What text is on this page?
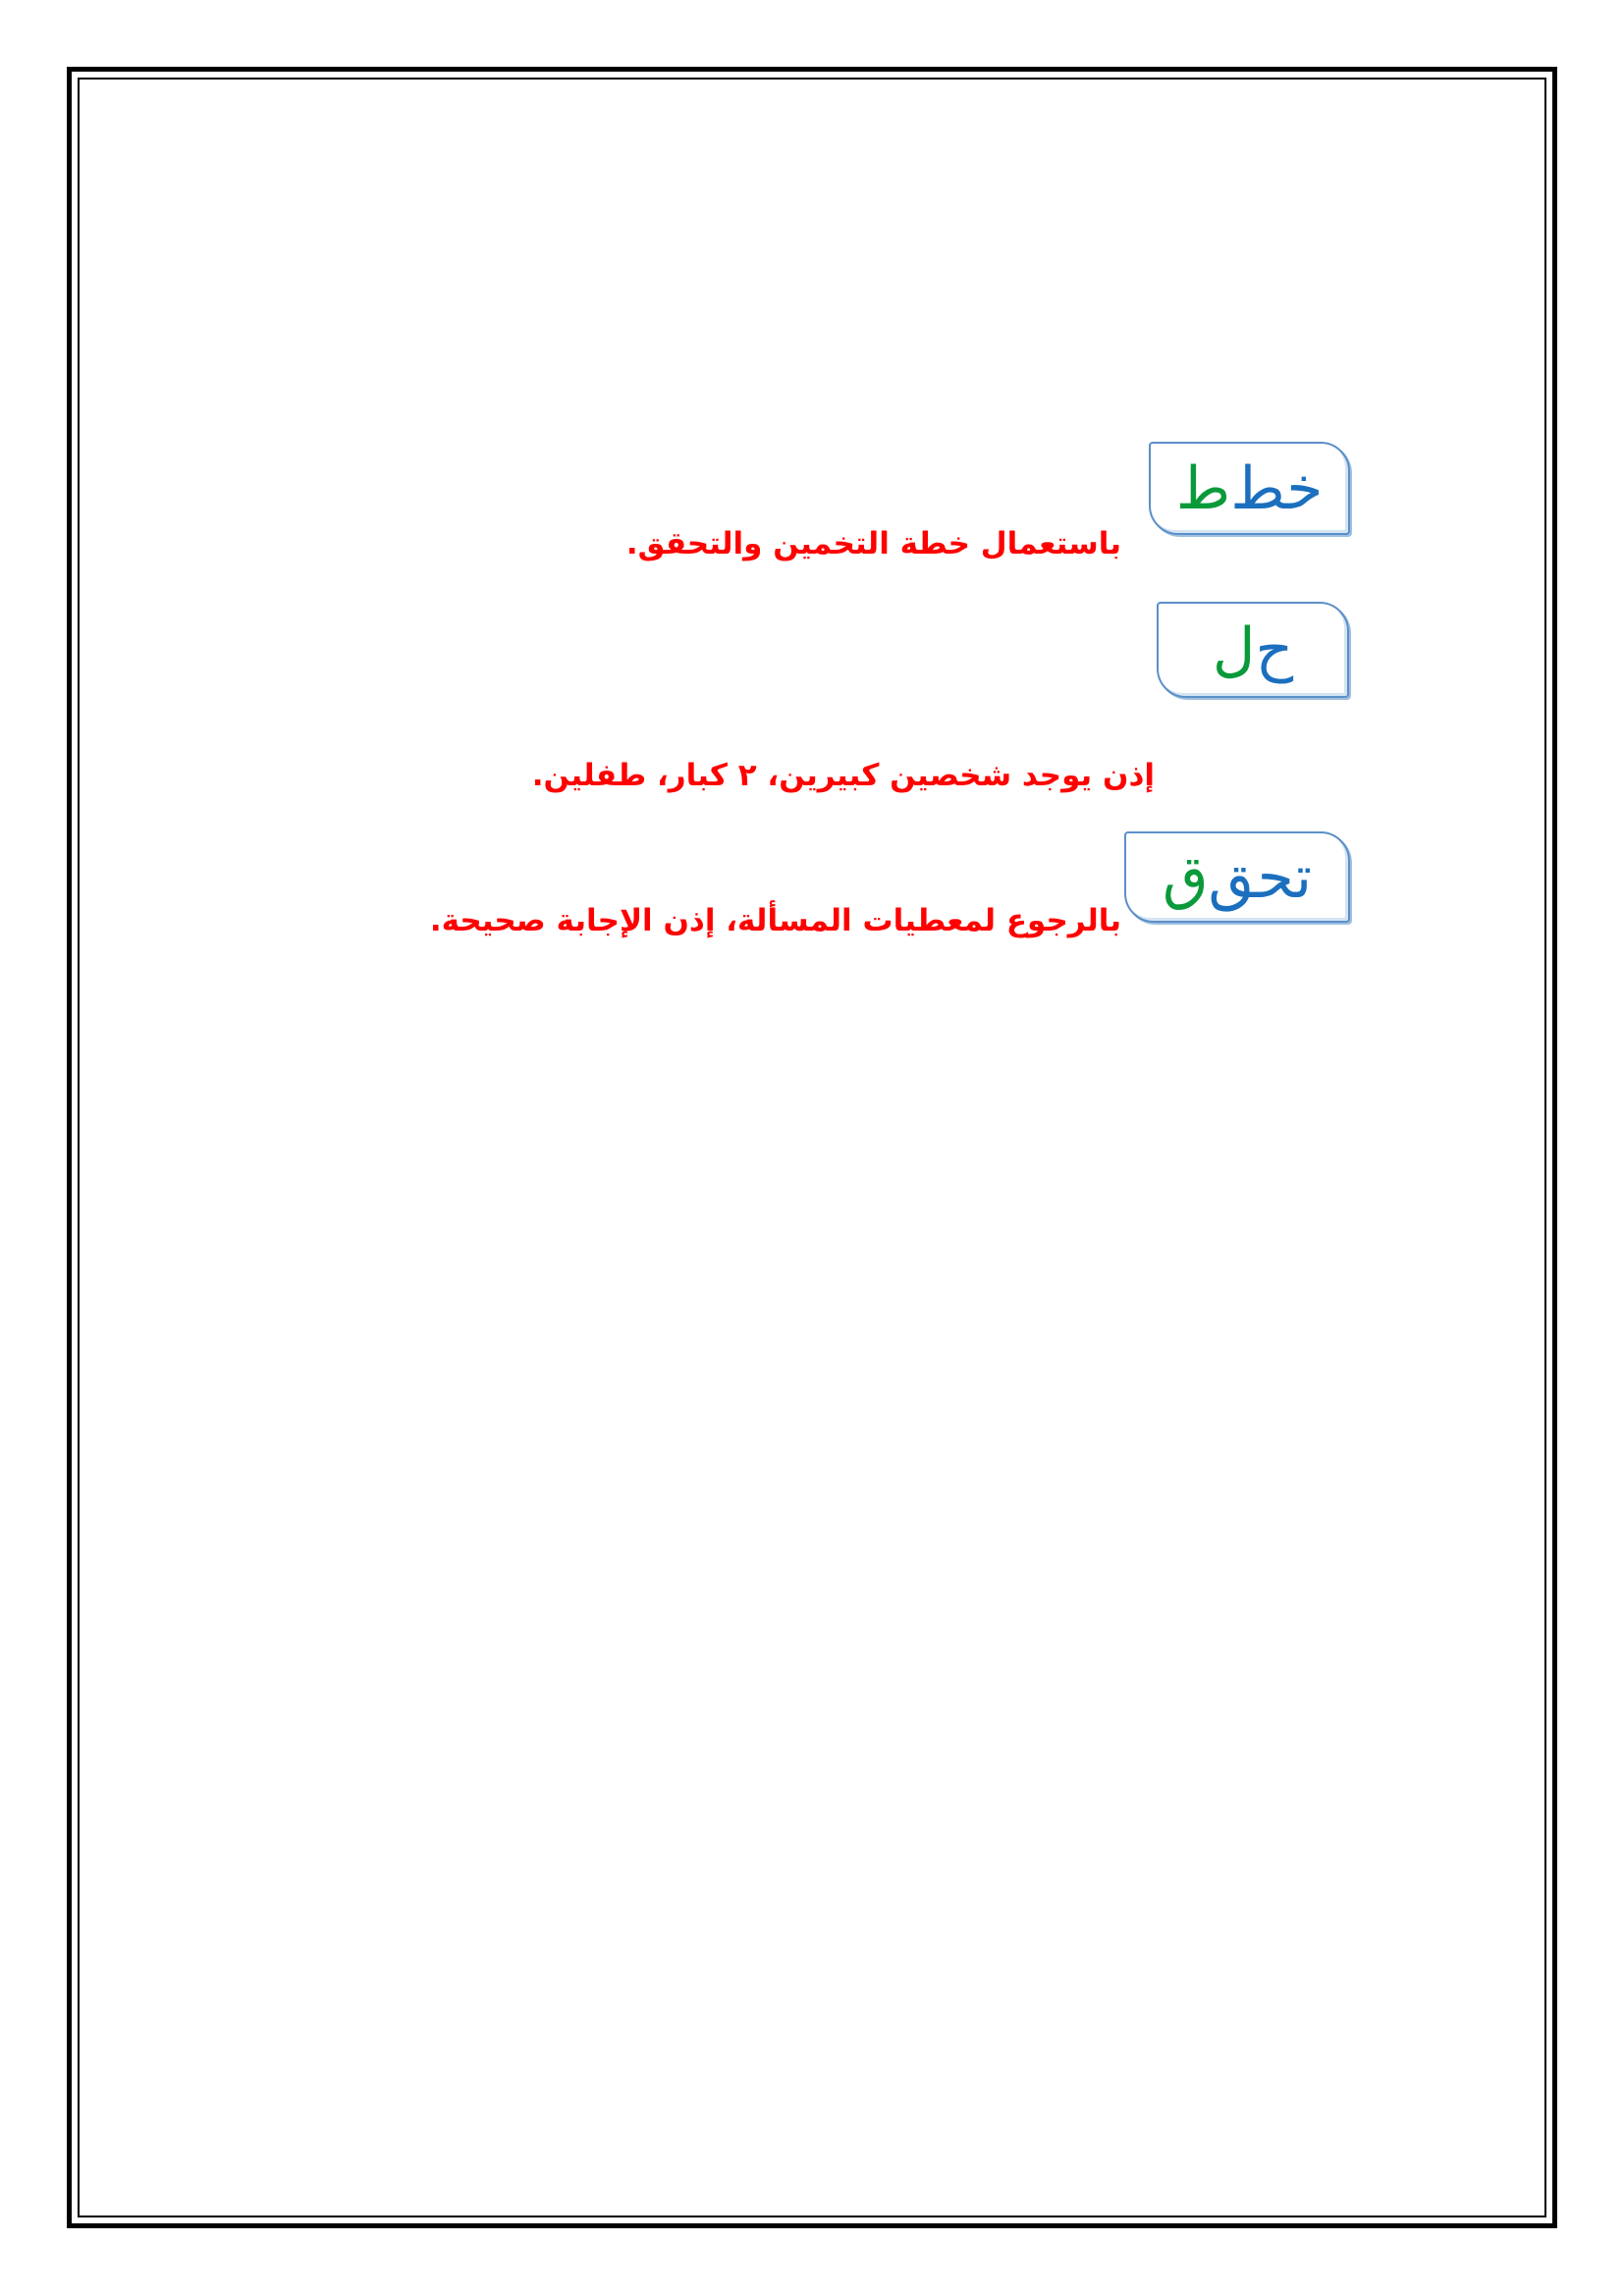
خط
ط
باستعمال خطة التخمين والتحقق.
ح
ل
إذن يوجد شخصين كبيرين، ٢ كبار، طفلين.
تحق
ق
بالرجوع لمعطيات المسألة، إذن الإجابة صحيحة.
